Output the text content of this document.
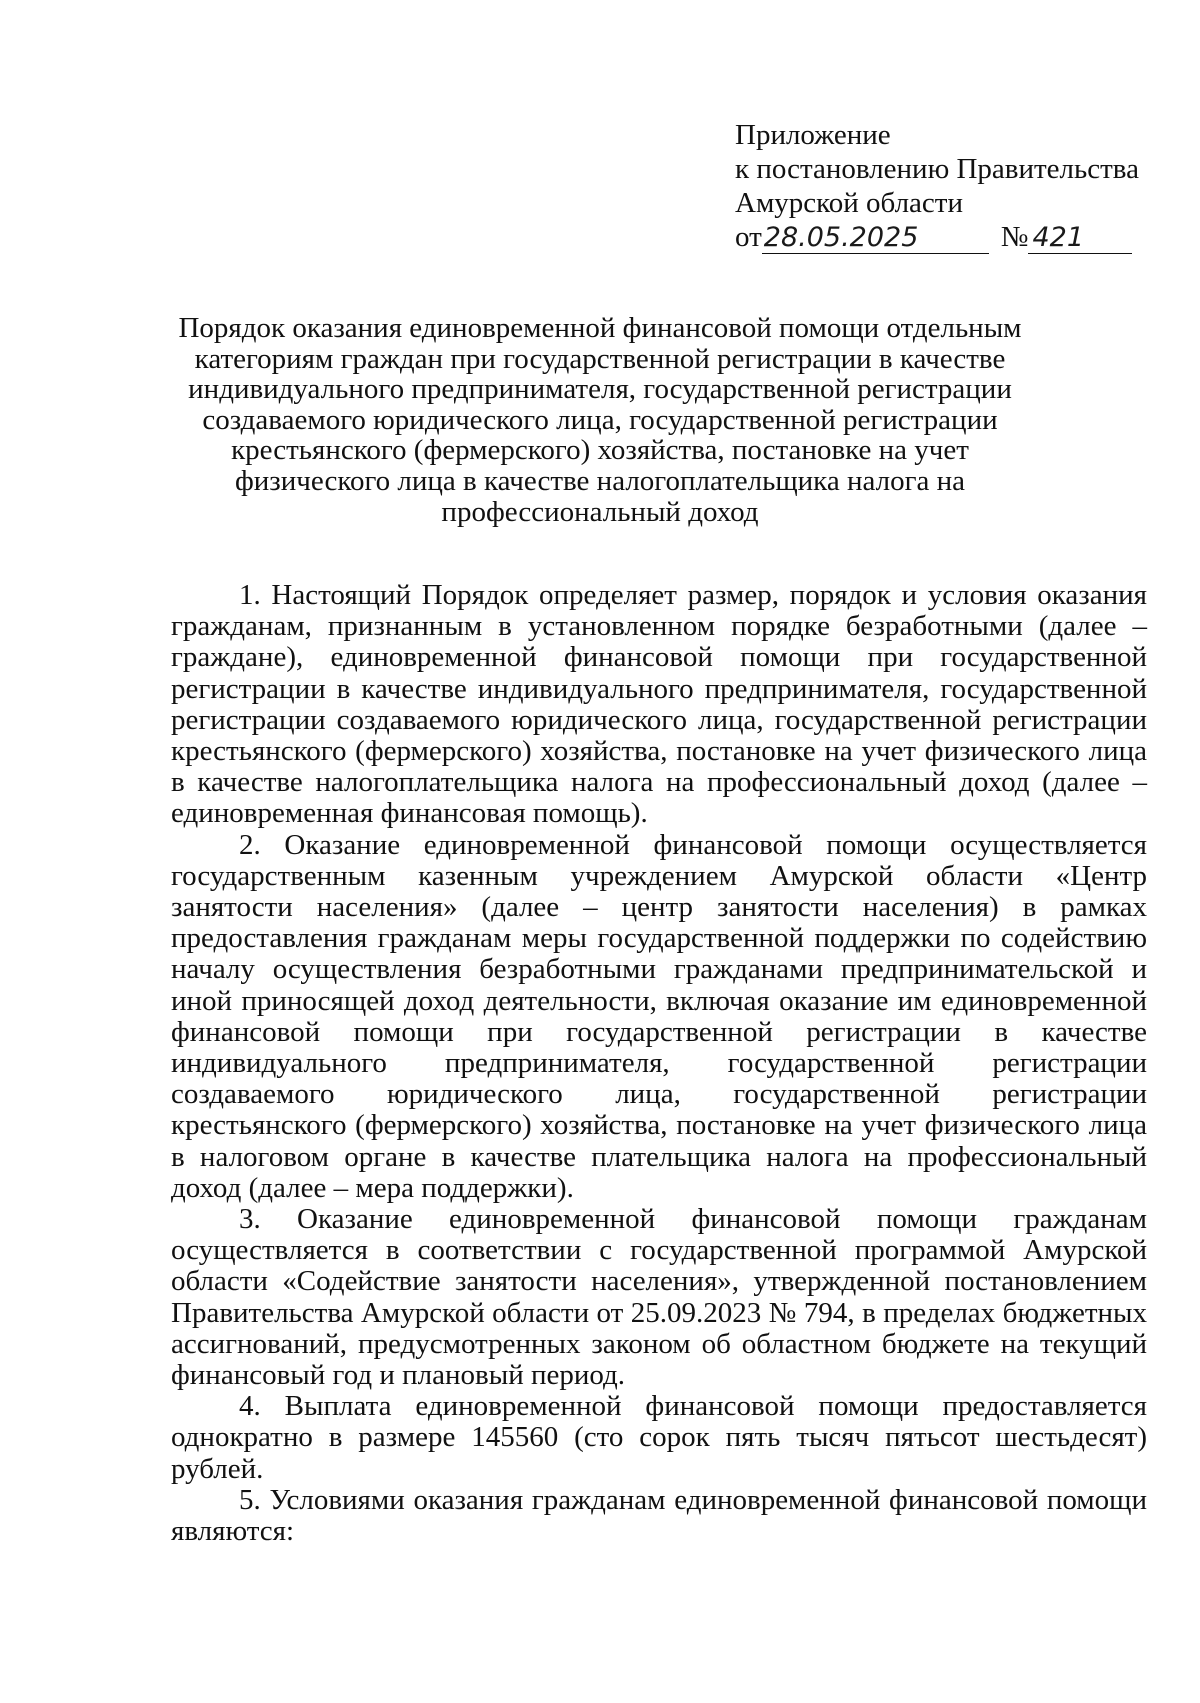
Приложение
к постановлению Правительства
Амурской области
от 28.05.2025	№ 421
Порядок оказания единовременной финансовой помощи отдельным категориям граждан при государственной регистрации в качестве индивидуального предпринимателя, государственной регистрации создаваемого юридического лица, государственной регистрации крестьянского (фермерского) хозяйства, постановке на учет физического лица в качестве налогоплательщика налога на профессиональный доход

1. Настоящий Порядок определяет размер, порядок и условия оказания гражданам, признанным в установленном порядке безработными (далее – граждане), единовременной финансовой помощи при государственной регистрации в качестве индивидуального предпринимателя, государственной регистрации создаваемого юридического лица, государственной регистрации крестьянского (фермерского) хозяйства, постановке на учет физического лица в качестве налогоплательщика налога на профессиональный доход (далее – единовременная финансовая помощь).

2. Оказание единовременной финансовой помощи осуществляется государственным казенным учреждением Амурской области «Центр занятости населения» (далее – центр занятости населения) в рамках предоставления гражданам меры государственной поддержки по содействию началу осуществления безработными гражданами предпринимательской и иной приносящей доход деятельности, включая оказание им единовременной финансовой помощи при государственной регистрации в качестве индивидуального предпринимателя, государственной регистрации создаваемого юридического лица, государственной регистрации крестьянского (фермерского) хозяйства, постановке на учет физического лица в налоговом органе в качестве плательщика налога на профессиональный доход (далее – мера поддержки).

3. Оказание единовременной финансовой помощи гражданам осуществляется в соответствии с государственной программой Амурской области «Содействие занятости населения», утвержденной постановлением Правительства Амурской области от 25.09.2023 № 794, в пределах бюджетных ассигнований, предусмотренных законом об областном бюджете на текущий финансовый год и плановый период.

4. Выплата единовременной финансовой помощи предоставляется однократно в размере 145560 (сто сорок пять тысяч пятьсот шестьдесят) рублей.

5. Условиями оказания гражданам единовременной финансовой помощи являются:
